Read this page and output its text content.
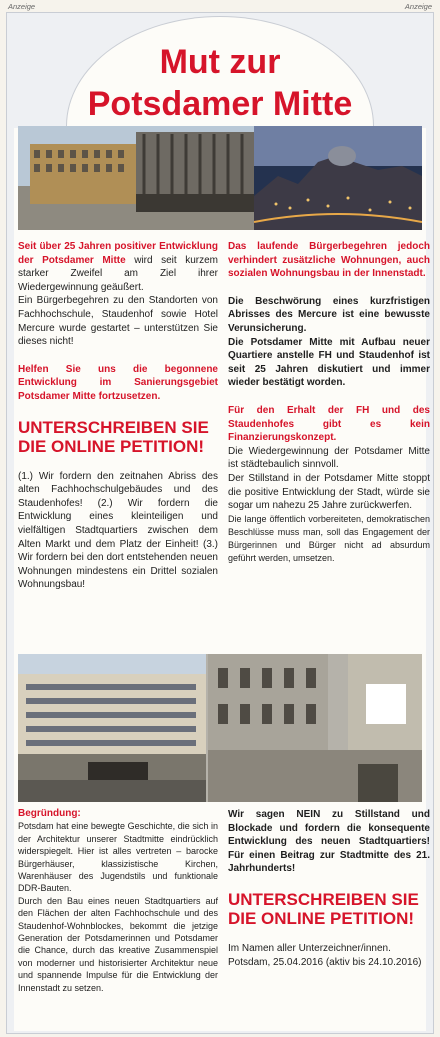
Anzeige	Anzeige
Mut zur
Potsdamer Mitte

Seit über 25 Jahren positiver Entwicklung der Potsdamer Mitte wird seit kurzem starker Zweifel am Ziel ihrer Wiedergewinnung geäußert.

Ein Bürgerbegehren zu den Standorten von Fachhochschule, Staudenhof sowie Hotel Mercure wurde gestartet – unterstützen Sie dieses nicht!

Helfen Sie uns die begonnene Entwicklung im Sanierungsgebiet Potsdamer Mitte fortzusetzen.

UNTERSCHREIBEN SIE DIE ONLINE PETITION!

(1.) Wir fordern den zeitnahen Abriss des alten Fachhochschulgebäudes und des Staudenhofes! (2.) Wir fordern die Entwicklung eines kleinteiligen und vielfältigen Stadtquartiers zwischen dem Alten Markt und dem Platz der Einheit! (3.) Wir fordern bei den dort entstehenden neuen Wohnungen mindestens ein Drittel sozialen Wohnungsbau!

Das laufende Bürgerbegehren jedoch verhindert zusätzliche Wohnungen, auch sozialen Wohnungsbau in der Innenstadt.

Die Beschwörung eines kurzfristigen Abrisses des Mercure ist eine bewusste Verunsicherung.

Die Potsdamer Mitte mit Aufbau neuer Quartiere anstelle FH und Staudenhof ist seit 25 Jahren diskutiert und immer wieder bestätigt worden.

Für den Erhalt der FH und des Staudenhofes gibt es kein Finanzierungskonzept.

Die Wiedergewinnung der Potsdamer Mitte ist städtebaulich sinnvoll.

Der Stillstand in der Potsdamer Mitte stoppt die positive Entwicklung der Stadt, würde sie sogar um nahezu 25 Jahre zurückwerfen.

Die lange öffentlich vorbereiteten, demokratischen Beschlüsse muss man, soll das Engagement der Bürgerinnen und Bürger nicht ad absurdum geführt werden, umsetzen.

Begründung:

Potsdam hat eine bewegte Geschichte, die sich in der Architektur unserer Stadtmitte eindrücklich widerspiegelt. Hier ist alles vertreten – barocke Bürgerhäuser, klassizistische Kirchen, Warenhäuser des Jugendstils und funktionale DDR-Bauten.

Durch den Bau eines neuen Stadtquartiers auf den Flächen der alten Fachhochschule und des Staudenhof-Wohnblockes, bekommt die jetzige Generation der Potsdamerinnen und Potsdamer die Chance, durch das kreative Zusammenspiel von moderner und historisierter Architektur neue und spannende Impulse für die Entwicklung der Innenstadt zu setzen.

Wir sagen NEIN zu Stillstand und Blockade und fordern die konsequente Entwicklung des neuen Stadtquartiers! Für einen Beitrag zur Stadtmitte des 21. Jahrhunderts!

UNTERSCHREIBEN SIE DIE ONLINE PETITION!

Im Namen aller Unterzeichner/innen. Potsdam, 25.04.2016 (aktiv bis 24.10.2016)
